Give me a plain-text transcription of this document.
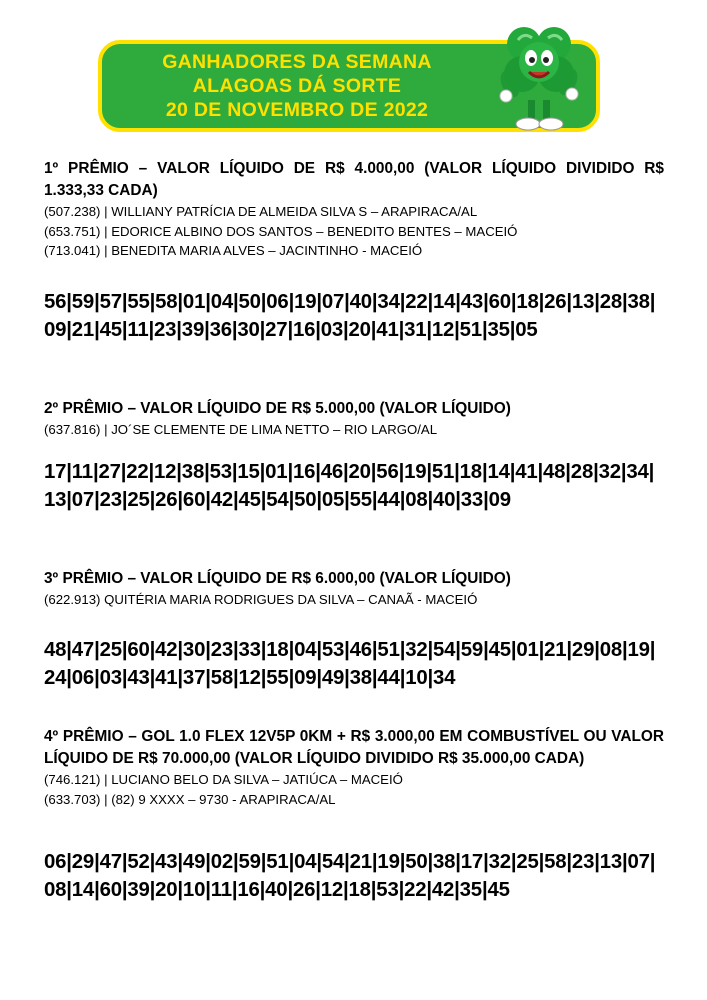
GANHADORES DA SEMANA
ALAGOAS DÁ SORTE
20 DE NOVEMBRO DE 2022
1º PRÊMIO – VALOR LÍQUIDO DE R$ 4.000,00 (VALOR LÍQUIDO DIVIDIDO R$ 1.333,33 CADA)
(507.238) | WILLIANY PATRÍCIA DE ALMEIDA SILVA S – ARAPIRACA/AL
(653.751) | EDORICE ALBINO DOS SANTOS – BENEDITO BENTES – MACEIÓ
(713.041) | BENEDITA MARIA ALVES – JACINTINHO - MACEIÓ
56|59|57|55|58|01|04|50|06|19|07|40|34|22|14|43|60|18|26|13|28|38|09|21|45|11|23|39|36|30|27|16|03|20|41|31|12|51|35|05
2º PRÊMIO – VALOR LÍQUIDO DE R$ 5.000,00 (VALOR LÍQUIDO)
(637.816) | JO´SE CLEMENTE DE LIMA NETTO – RIO LARGO/AL
17|11|27|22|12|38|53|15|01|16|46|20|56|19|51|18|14|41|48|28|32|34|13|07|23|25|26|60|42|45|54|50|05|55|44|08|40|33|09
3º PRÊMIO – VALOR LÍQUIDO DE R$ 6.000,00 (VALOR LÍQUIDO)
(622.913) QUITÉRIA MARIA RODRIGUES DA SILVA – CANAÃ - MACEIÓ
48|47|25|60|42|30|23|33|18|04|53|46|51|32|54|59|45|01|21|29|08|19|24|06|03|43|41|37|58|12|55|09|49|38|44|10|34
4º PRÊMIO – GOL 1.0 FLEX 12V5P 0KM + R$ 3.000,00 EM COMBUSTÍVEL OU VALOR LÍQUIDO DE R$ 70.000,00 (VALOR LÍQUIDO DIVIDIDO R$ 35.000,00 CADA)
(746.121) | LUCIANO BELO DA SILVA – JATIÚCA – MACEIÓ
(633.703) | (82) 9 XXXX – 9730 - ARAPIRACA/AL
06|29|47|52|43|49|02|59|51|04|54|21|19|50|38|17|32|25|58|23|13|07|08|14|60|39|20|10|11|16|40|26|12|18|53|22|42|35|45
